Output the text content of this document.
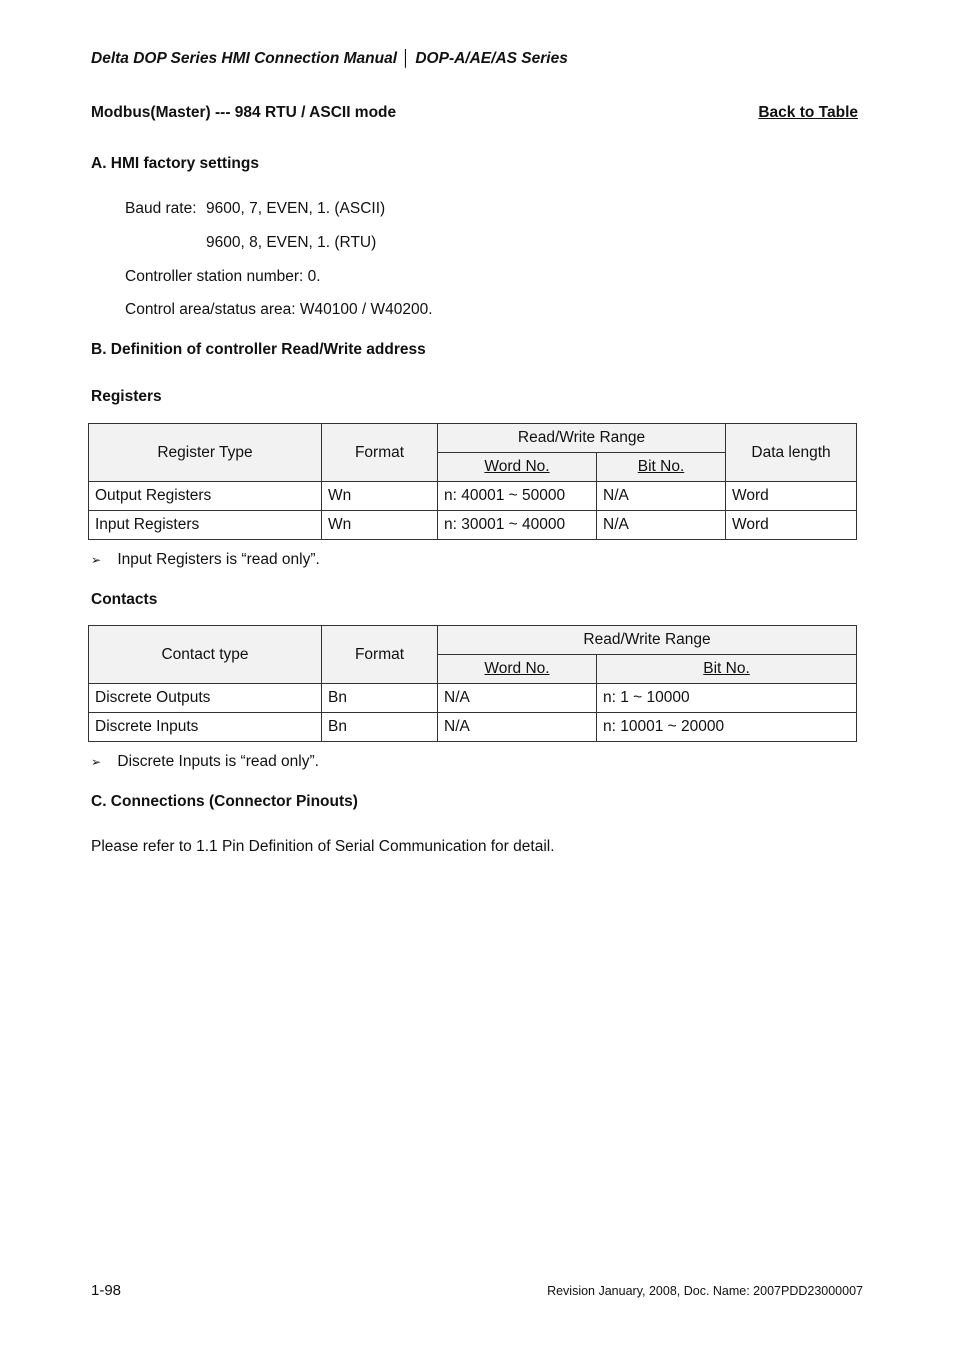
Delta DOP Series HMI Connection Manual │ DOP-A/AE/AS Series
Modbus(Master) --- 984 RTU / ASCII mode	Back to Table
A. HMI factory settings
Baud rate: 9600, 7, EVEN, 1. (ASCII)
9600, 8, EVEN, 1. (RTU)
Controller station number: 0.
Control area/status area: W40100 / W40200.
B. Definition of controller Read/Write address
Registers
Register Type	Format	Read/Write Range		Data length
		Word No.	Bit No.	
Output Registers	Wn	n: 40001 ~ 50000	N/A	Word
Input Registers	Wn	n: 30001 ~ 40000	N/A	Word
➢ Input Registers is “read only”.
Contacts
Contact type	Format	Read/Write Range	
		Word No.	Bit No.
Discrete Outputs	Bn	N/A	n: 1 ~ 10000
Discrete Inputs	Bn	N/A	n: 10001 ~ 20000
➢ Discrete Inputs is “read only”.
C. Connections (Connector Pinouts)
Please refer to 1.1 Pin Definition of Serial Communication for detail.
1-98	Revision January, 2008, Doc. Name: 2007PDD23000007
